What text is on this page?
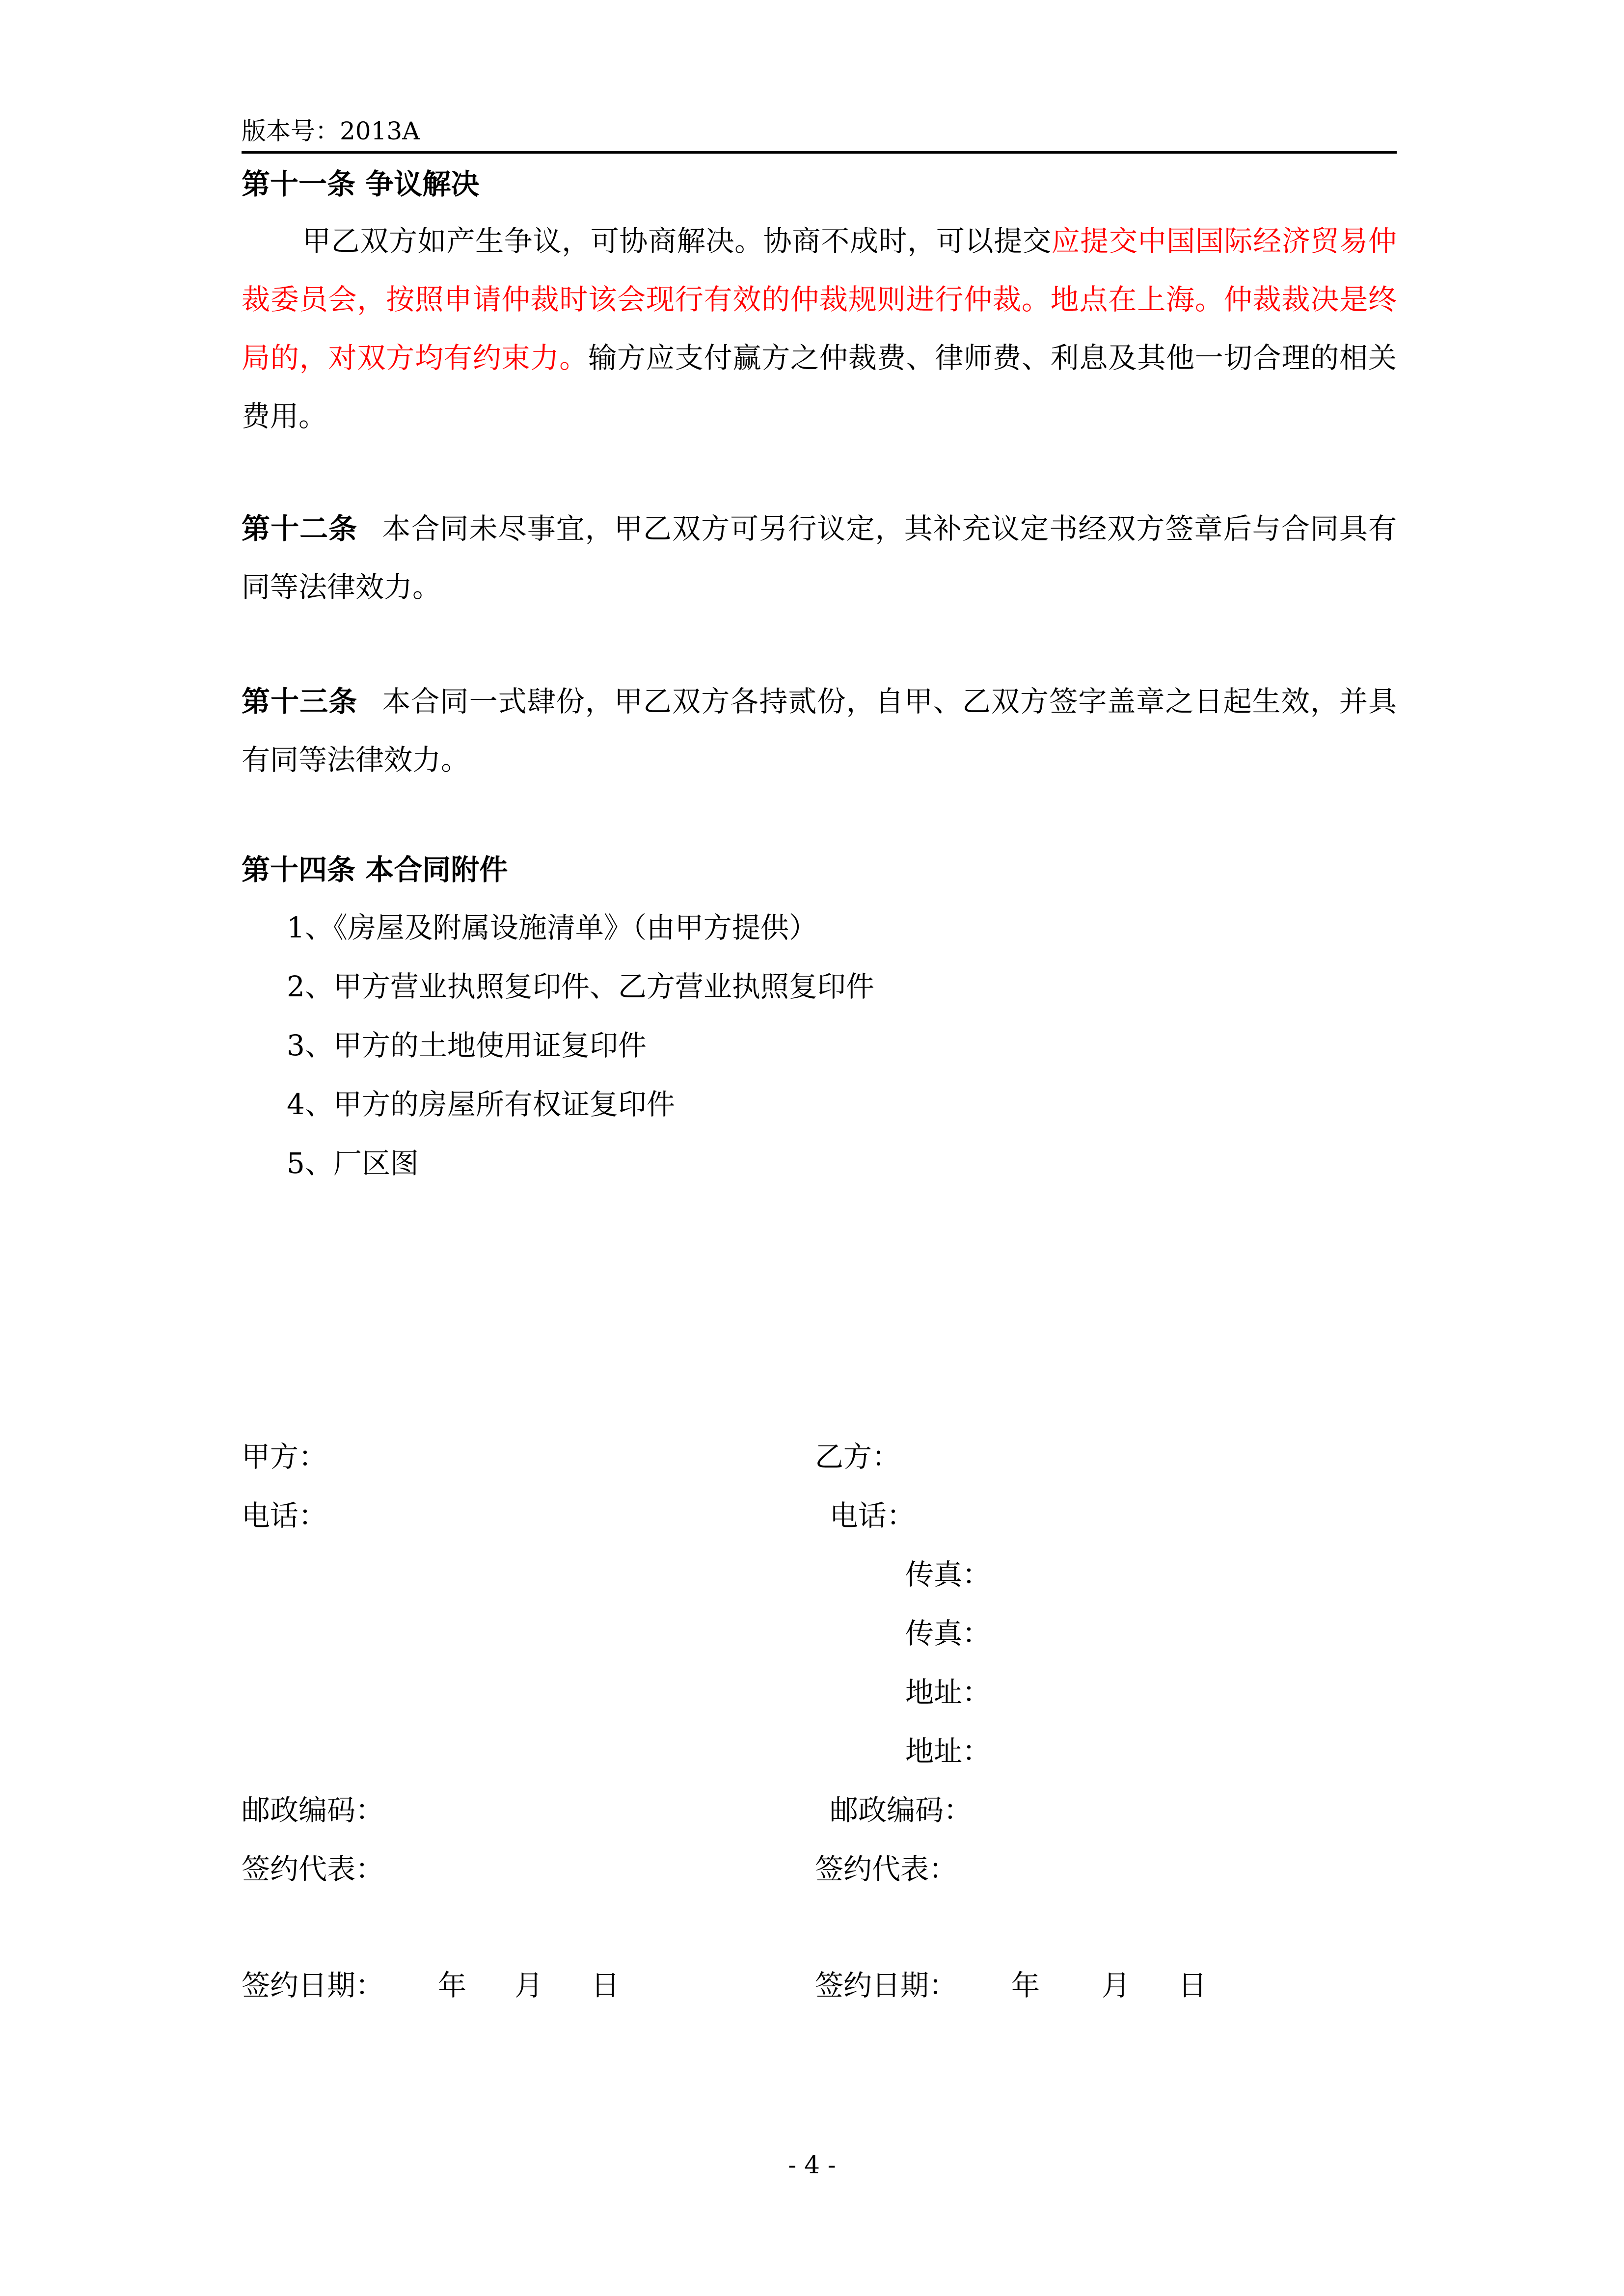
版本号：2013A
第十一条 争议解决
甲乙双方如产生争议，可协商解决。协商不成时，可以提交应提交中国国际经济贸易仲裁委员会，按照申请仲裁时该会现行有效的仲裁规则进行仲裁。地点在上海。仲裁裁决是终局的，对双方均有约束力。输方应支付赢方之仲裁费、律师费、利息及其他一切合理的相关费用。
第十二条 本合同未尽事宜，甲乙双方可另行议定，其补充议定书经双方签章后与合同具有同等法律效力。
第十三条 本合同一式肆份，甲乙双方各持贰份，自甲、乙双方签字盖章之日起生效，并具有同等法律效力。
第十四条 本合同附件
1、《房屋及附属设施清单》（由甲方提供）
2、甲方营业执照复印件、乙方营业执照复印件
3、甲方的土地使用证复印件
4、甲方的房屋所有权证复印件
5、厂区图
甲方：	乙方：
电话：	电话：
传真：
传真：
地址：
地址：
邮政编码：	邮政编码：
签约代表：	签约代表：
签约日期： 年 月 日	签约日期： 年 月 日
- 4 -
